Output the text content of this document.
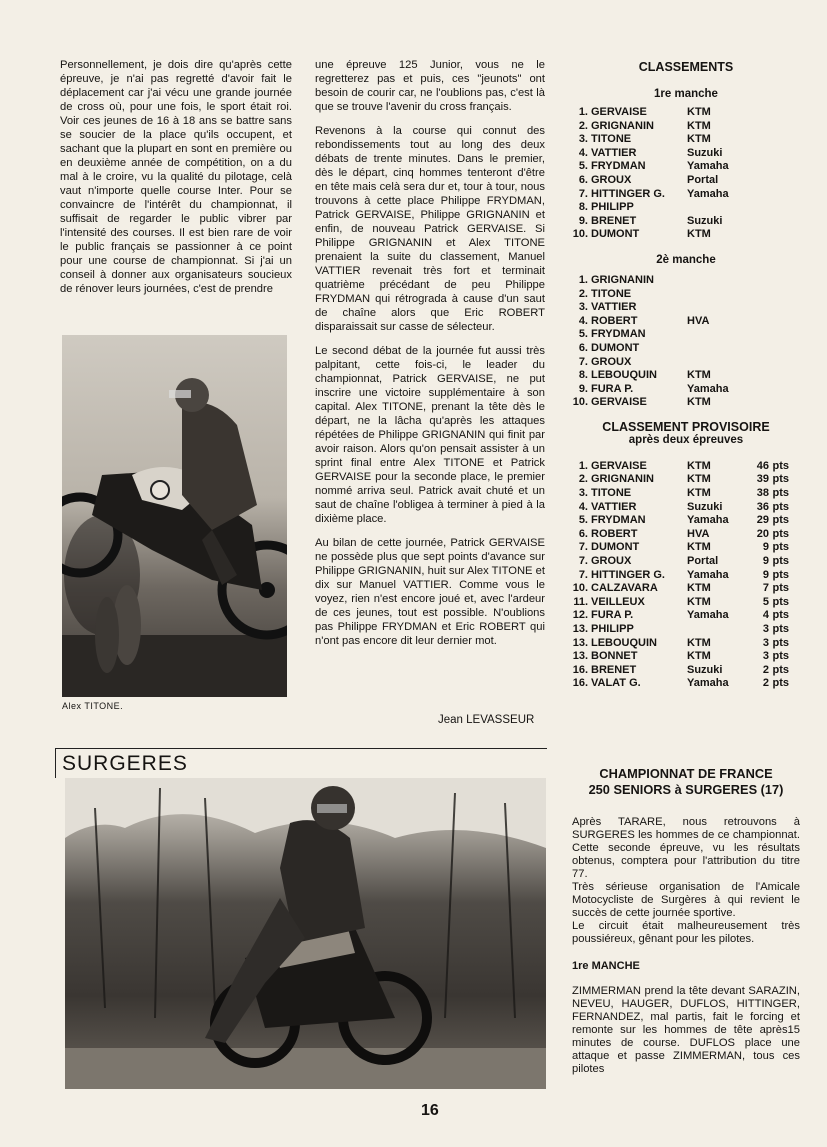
Personnellement, je dois dire qu'après cette épreuve, je n'ai pas regretté d'avoir fait le déplacement car j'ai vécu une grande journée de cross où, pour une fois, le sport était roi. Voir ces jeunes de 16 à 18 ans se battre sans se soucier de la place qu'ils occupent, et sachant que la plupart en sont en première ou en deuxième année de compétition, on a du mal à le croire, vu la qualité du pilotage, celà vaut n'importe quelle course Inter. Pour se convaincre de l'intérêt du championnat, il suffisait de regarder le public vibrer par l'intensité des courses. Il est bien rare de voir le public français se passionner à ce point pour une course de championnat. Si j'ai un conseil à donner aux organisateurs soucieux de rénover leurs journées, c'est de prendre

Alex TITONE.

une épreuve 125 Junior, vous ne le regretterez pas et puis, ces "jeunots" ont besoin de courir car, ne l'oublions pas, c'est là que se trouve l'avenir du cross français.

Revenons à la course qui connut des rebondissements tout au long des deux débats de trente minutes. Dans le premier, dès le départ, cinq hommes tenteront d'être en tête mais celà sera dur et, tour à tour, nous trouvons à cette place Philippe FRYDMAN, Patrick GERVAISE, Philippe GRIGNANIN et enfin, de nouveau Patrick GERVAISE. Si Philippe GRIGNANIN et Alex TITONE prenaient la suite du classement, Manuel VATTIER revenait très fort et terminait quatrième précédant de peu Philippe FRYDMAN qui rétrograda à cause d'un saut de chaîne alors que Eric ROBERT disparaissait sur casse de sélecteur.

Le second débat de la journée fut aussi très palpitant, cette fois-ci, le leader du championnat, Patrick GERVAISE, ne put inscrire une victoire supplémentaire à son capital. Alex TITONE, prenant la tête dès le départ, ne la lâcha qu'après les attaques répétées de Philippe GRIGNANIN qui finit par avoir raison. Alors qu'on pensait assister à un sprint final entre Alex TITONE et Patrick GERVAISE pour la seconde place, le premier nommé arriva seul. Patrick avait chuté et un saut de chaîne l'obligea à terminer à pied à la dixième place.

Au bilan de cette journée, Patrick GERVAISE ne possède plus que sept points d'avance sur Philippe GRIGNANIN, huit sur Alex TITONE et dix sur Manuel VATTIER. Comme vous le voyez, rien n'est encore joué et, avec l'ardeur de ces jeunes, tout est possible. N'oublions pas Philippe FRYDMAN et Eric ROBERT qui n'ont pas encore dit leur dernier mot.

Jean LEVASSEUR
CLASSEMENTS
1re manche
1.	GERVAISE	KTM
2.	GRIGNANIN	KTM
3.	TITONE	KTM
4.	VATTIER	Suzuki
5.	FRYDMAN	Yamaha
6.	GROUX	Portal
7.	HITTINGER G.	Yamaha
8.	PHILIPP	
9.	BRENET	Suzuki
10.	DUMONT	KTM
2è manche
1.	GRIGNANIN	
2.	TITONE	
3.	VATTIER	
4.	ROBERT	HVA
5.	FRYDMAN	
6.	DUMONT	
7.	GROUX	
8.	LEBOUQUIN	KTM
9.	FURA P.	Yamaha
10.	GERVAISE	KTM
CLASSEMENT PROVISOIRE
après deux épreuves
1.	GERVAISE	KTM	46 pts
2.	GRIGNANIN	KTM	39 pts
3.	TITONE	KTM	38 pts
4.	VATTIER	Suzuki	36 pts
5.	FRYDMAN	Yamaha	29 pts
6.	ROBERT	HVA	20 pts
7.	DUMONT	KTM	9 pts
7.	GROUX	Portal	9 pts
7.	HITTINGER G.	Yamaha	9 pts
10.	CALZAVARA	KTM	7 pts
11.	VEILLEUX	KTM	5 pts
12.	FURA P.	Yamaha	4 pts
13.	PHILIPP		3 pts
13.	LEBOUQUIN	KTM	3 pts
13.	BONNET	KTM	3 pts
16.	BRENET	Suzuki	2 pts
16.	VALAT G.	Yamaha	2 pts
SURGERES	CHAMPIONNAT DE FRANCE
250 SENIORS à SURGERES (17)

Après TARARE, nous retrouvons à SURGERES les hommes de ce championnat. Cette seconde épreuve, vu les résultats obtenus, comptera pour l'attribution du titre 77.

Très sérieuse organisation de l'Amicale Motocycliste de Surgères à qui revient le succès de cette journée sportive.

Le circuit était malheureusement très poussiéreux, gênant pour les pilotes.

1re MANCHE

ZIMMERMAN prend la tête devant SARAZIN, NEVEU, HAUGER, DUFLOS, HITTINGER, FERNANDEZ, mal partis, fait le forcing et remonte sur les hommes de tête après15 minutes de course. DUFLOS place une attaque et passe ZIMMERMAN, tous ces pilotes

16
